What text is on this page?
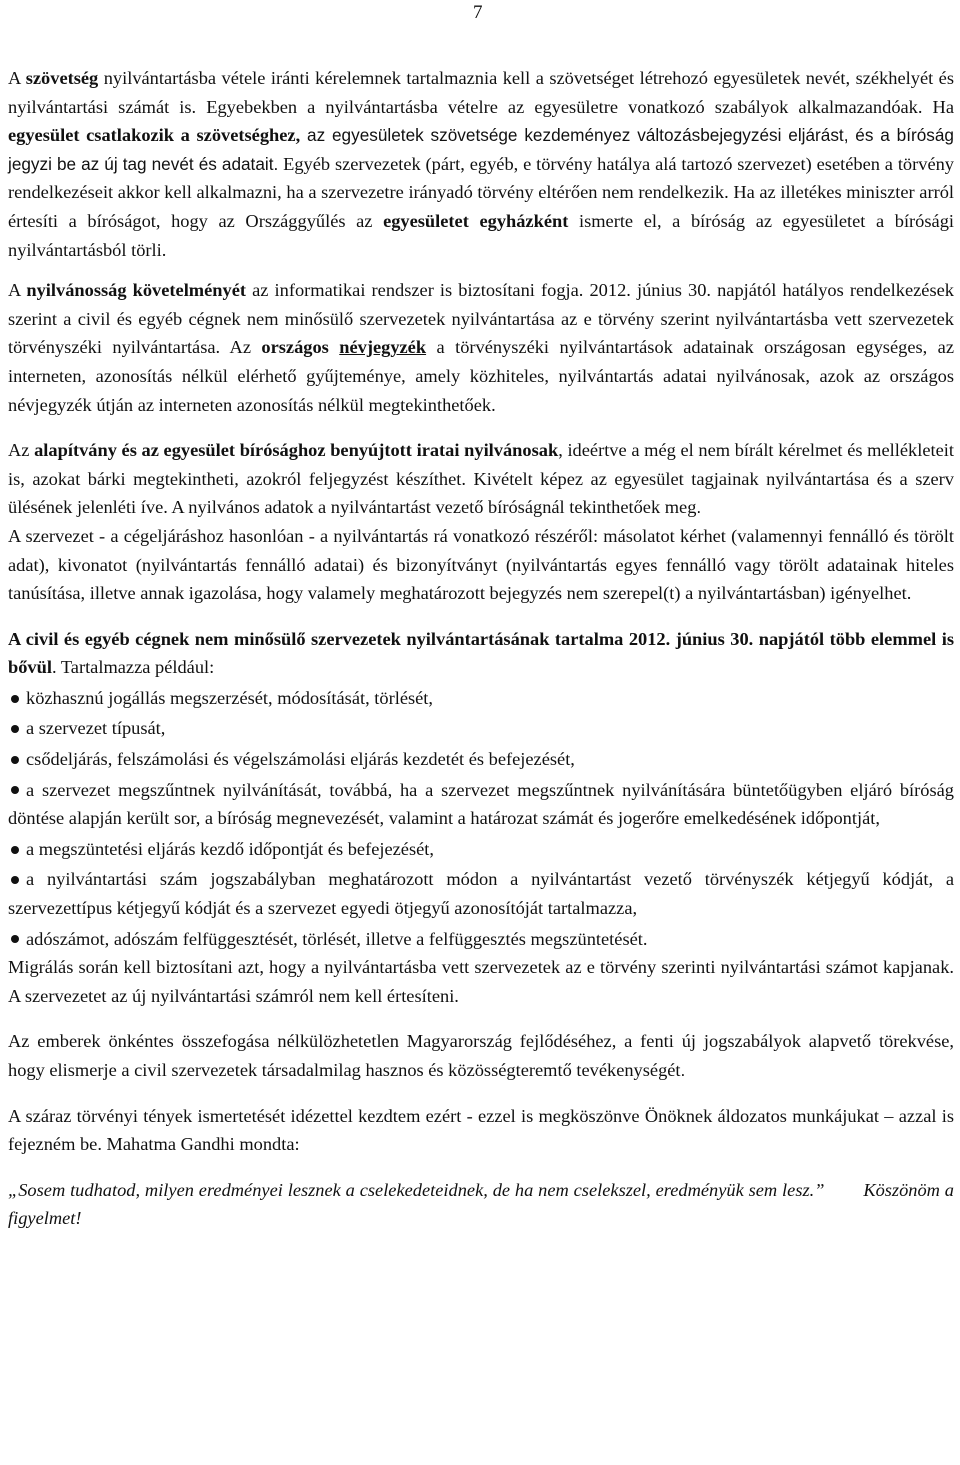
7

A szövetség nyilvántartásba vétele iránti kérelemnek tartalmaznia kell a szövetséget létrehozó egyesületek nevét, székhelyét és nyilvántartási számát is. Egyebekben a nyilvántartásba vételre az egyesületre vonatkozó szabályok alkalmazandóak. Ha egyesület csatlakozik a szövetséghez, az egyesületek szövetsége kezdeményez változásbejegyzési eljárást, és a bíróság jegyzi be az új tag nevét és adatait. Egyéb szervezetek (párt, egyéb, e törvény hatálya alá tartozó szervezet) esetében a törvény rendelkezéseit akkor kell alkalmazni, ha a szervezetre irányadó törvény eltérően nem rendelkezik. Ha az illetékes miniszter arról értesíti a bíróságot, hogy az Országgyűlés az egyesületet egyházként ismerte el, a bíróság az egyesületet a bírósági nyilvántartásból törli.

A nyilvánosság követelményét az informatikai rendszer is biztosítani fogja. 2012. június 30. napjától hatályos rendelkezések szerint a civil és egyéb cégnek nem minősülő szervezetek nyilvántartása az e törvény szerint nyilvántartásba vett szervezetek törvényszéki nyilvántartása. Az országos névjegyzék a törvényszéki nyilvántartások adatainak országosan egységes, az interneten, azonosítás nélkül elérhető gyűjteménye, amely közhiteles, nyilvántartás adatai nyilvánosak, azok az országos névjegyzék útján az interneten azonosítás nélkül megtekinthetőek.

Az alapítvány és az egyesület bírósághoz benyújtott iratai nyilvánosak, ideértve a még el nem bírált kérelmet és mellékleteit is, azokat bárki megtekintheti, azokról feljegyzést készíthet. Kivételt képez az egyesület tagjainak nyilvántartása és a szerv ülésének jelenléti íve. A nyilvános adatok a nyilvántartást vezető bíróságnál tekinthetőek meg.

A szervezet - a cégeljáráshoz hasonlóan - a nyilvántartás rá vonatkozó részéről: másolatot kérhet (valamennyi fennálló és törölt adat), kivonatot (nyilvántartás fennálló adatai) és bizonyítványt (nyilvántartás egyes fennálló vagy törölt adatainak hiteles tanúsítása, illetve annak igazolása, hogy valamely meghatározott bejegyzés nem szerepel(t) a nyilvántartásban) igényelhet.

A civil és egyéb cégnek nem minősülő szervezetek nyilvántartásának tartalma 2012. június 30. napjától több elemmel is bővül. Tartalmazza például:

közhasznú jogállás megszerzését, módosítását, törlését,

a szervezet típusát,

csődeljárás, felszámolási és végelszámolási eljárás kezdetét és befejezését,

a szervezet megszűntnek nyilvánítását, továbbá, ha a szervezet megszűntnek nyilvánítására büntetőügyben eljáró bíróság döntése alapján került sor, a bíróság megnevezését, valamint a határozat számát és jogerőre emelkedésének időpontját,

a megszüntetési eljárás kezdő időpontját és befejezését,

a nyilvántartási szám jogszabályban meghatározott módon a nyilvántartást vezető törvényszék kétjegyű kódját, a szervezettípus kétjegyű kódját és a szervezet egyedi ötjegyű azonosítóját tartalmazza,

adószámot, adószám felfüggesztését, törlését, illetve a felfüggesztés megszüntetését.

Migrálás során kell biztosítani azt, hogy a nyilvántartásba vett szervezetek az e törvény szerinti nyilvántartási számot kapjanak. A szervezetet az új nyilvántartási számról nem kell értesíteni.

Az emberek önkéntes összefogása nélkülözhetetlen Magyarország fejlődéséhez, a fenti új jogszabályok alapvető törekvése, hogy elismerje a civil szervezetek társadalmilag hasznos és közösségteremtő tevékenységét.

A száraz törvényi tények ismertetését idézettel kezdtem ezért - ezzel is megköszönve Önöknek áldozatos munkájukat – azzal is fejezném be. Mahatma Gandhi mondta:

„Sosem tudhatod, milyen eredményei lesznek a cselekedeteidnek, de ha nem cselekszel, eredményük sem lesz.” Köszönöm a figyelmet!
